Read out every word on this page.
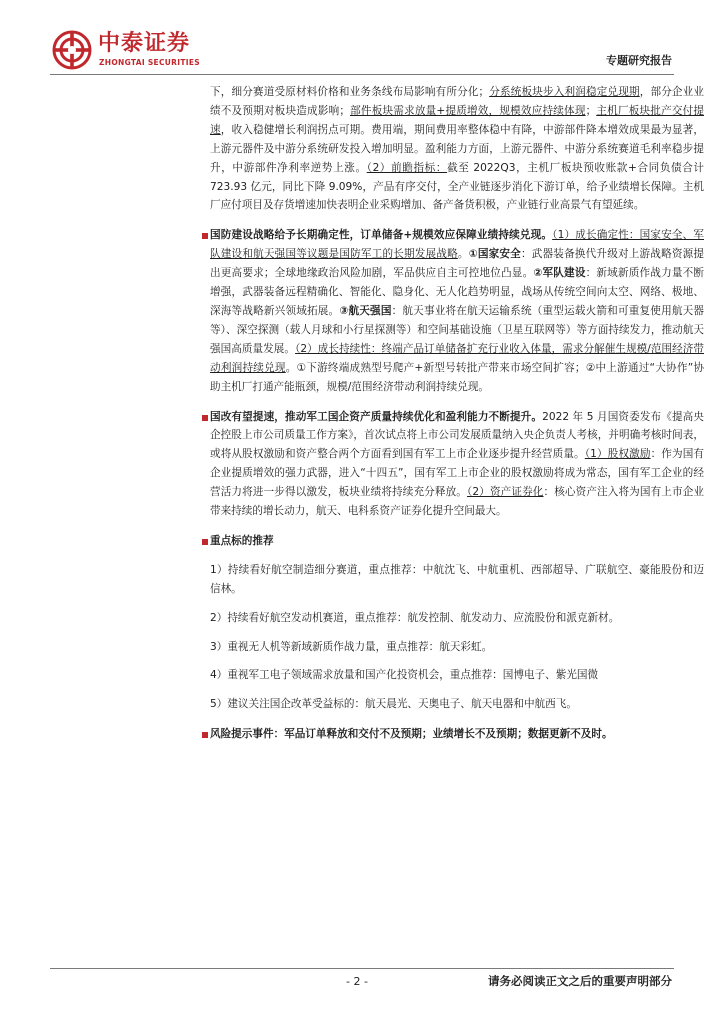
中泰证券
ZHONGTAI SECURITIES	专题研究报告

下，细分赛道受原材料价格和业务条线布局影响有所分化；分系统板块步入利润稳定兑现期，部分企业业绩不及预期对板块造成影响；部件板块需求放量+提质增效，规模效应持续体现；主机厂板块批产交付提速，收入稳健增长利润拐点可期。费用端，期间费用率整体稳中有降，中游部件降本增效成果最为显著，上游元器件及中游分系统研发投入增加明显。盈利能力方面，上游元器件、中游分系统赛道毛利率稳步提升，中游部件净利率逆势上涨。（2）前瞻指标：截至 2022Q3，主机厂板块预收账款+合同负债合计 723.93 亿元，同比下降 9.09%，产品有序交付，全产业链逐步消化下游订单，给予业绩增长保障。主机厂应付项目及存货增速加快表明企业采购增加、备产备货积极，产业链行业高景气有望延续。

国防建设战略给予长期确定性，订单储备+规模效应保障业绩持续兑现。（1）成长确定性：国家安全、军队建设和航天强国等议题是国防军工的长期发展战略。①国家安全：武器装备换代升级对上游战略资源提出更高要求；全球地缘政治风险加剧，军品供应自主可控地位凸显。②军队建设：新域新质作战力量不断增强，武器装备远程精确化、智能化、隐身化、无人化趋势明显，战场从传统空间向太空、网络、极地、深海等战略新兴领域拓展。③航天强国：航天事业将在航天运输系统（重型运载火箭和可重复使用航天器等）、深空探测（载人月球和小行星探测等）和空间基础设施（卫星互联网等）等方面持续发力，推动航天强国高质量发展。（2）成长持续性：终端产品订单储备扩充行业收入体量，需求分解催生规模/范围经济带动利润持续兑现。①下游终端成熟型号爬产+新型号转批产带来市场空间扩容；②中上游通过“大协作”协助主机厂打通产能瓶颈，规模/范围经济带动利润持续兑现。

国改有望提速，推动军工国企资产质量持续优化和盈利能力不断提升。2022 年 5 月国资委发布《提高央企控股上市公司质量工作方案》，首次试点将上市公司发展质量纳入央企负责人考核，并明确考核时间表，或将从股权激励和资产整合两个方面看到国有军工上市企业逐步提升经营质量。（1）股权激励：作为国有企业提质增效的强力武器，进入“十四五”，国有军工上市企业的股权激励将成为常态，国有军工企业的经营活力将进一步得以激发，板块业绩将持续充分释放。（2）资产证券化：核心资产注入将为国有上市企业带来持续的增长动力，航天、电科系资产证券化提升空间最大。

重点标的推荐

1）持续看好航空制造细分赛道，重点推荐：中航沈飞、中航重机、西部超导、广联航空、豪能股份和迈信林。

2）持续看好航空发动机赛道，重点推荐：航发控制、航发动力、应流股份和派克新材。

3）重视无人机等新域新质作战力量，重点推荐：航天彩虹。

4）重视军工电子领域需求放量和国产化投资机会，重点推荐：国博电子、紫光国微

5）建议关注国企改革受益标的：航天晨光、天奥电子、航天电器和中航西飞。

风险提示事件：军品订单释放和交付不及预期；业绩增长不及预期；数据更新不及时。

- 2 -	请务必阅读正文之后的重要声明部分
